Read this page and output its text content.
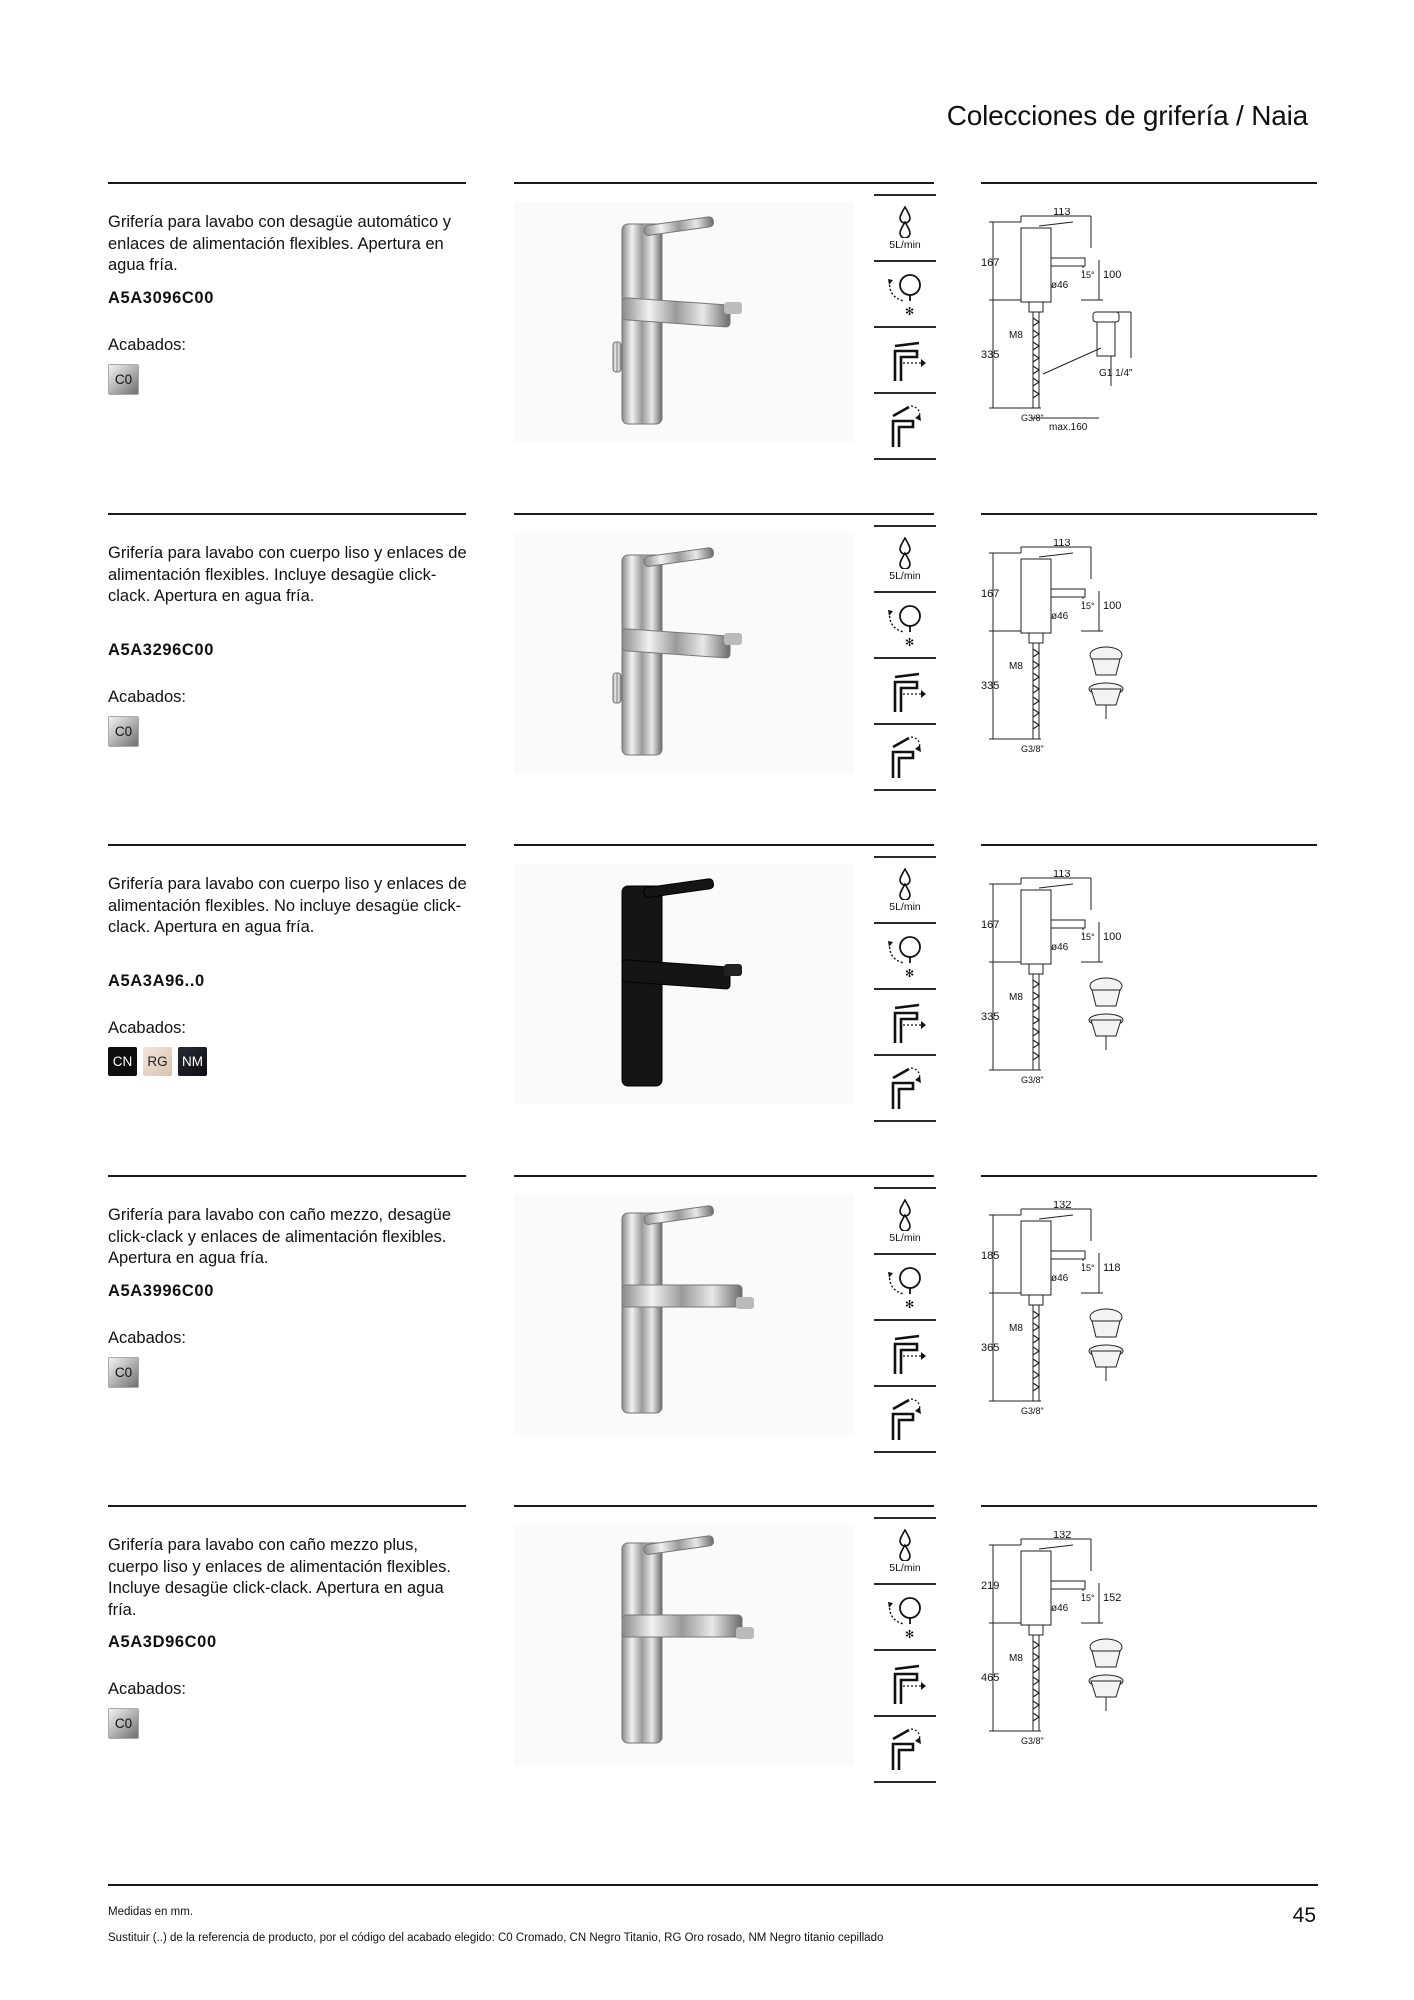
Colecciones de grifería / Naia

Grifería para lavabo con desagüe automático y enlaces de alimentación flexibles. Apertura en agua fría.

A5A3096C00
Acabados:
C0
5L/min
✻
113
167
335
100
15°
ø46
M8
G3/8"
G1 1/4"
max.160

Grifería para lavabo con cuerpo liso y enlaces de alimentación flexibles. Incluye desagüe click-clack. Apertura en agua fría.

A5A3296C00
Acabados:
C0
5L/min
✻
113
167
335
100
15°
ø46
M8
G3/8"

Grifería para lavabo con cuerpo liso y enlaces de alimentación flexibles. No incluye desagüe click-clack. Apertura en agua fría.

A5A3A96..0
Acabados:
CN	RG	NM
5L/min
✻
113
167
335
100
15°
ø46
M8
G3/8"

Grifería para lavabo con caño mezzo, desagüe click-clack y enlaces de alimentación flexibles. Apertura en agua fría.

A5A3996C00
Acabados:
C0
5L/min
✻
132
185
365
118
15°
ø46
M8
G3/8"

Grifería para lavabo con caño mezzo plus, cuerpo liso y enlaces de alimentación flexibles. Incluye desagüe click-clack. Apertura en agua fría.

A5A3D96C00
Acabados:
C0
5L/min
✻
132
219
465
152
15°
ø46
M8
G3/8"
Medidas en mm.
Sustituir (..) de la referencia de producto, por el código del acabado elegido: C0 Cromado, CN Negro Titanio, RG Oro rosado, NM Negro titanio cepillado
45
